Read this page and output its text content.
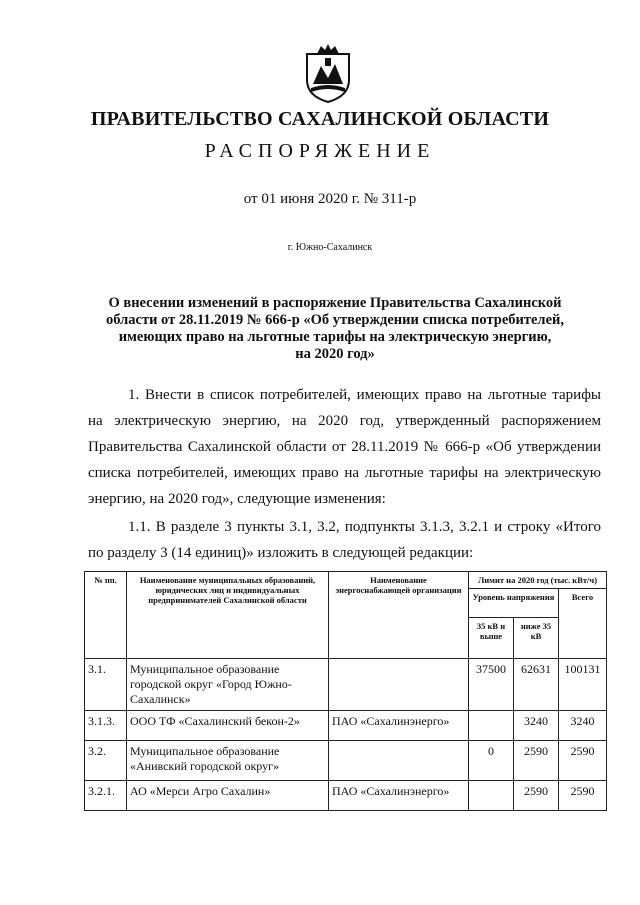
ПРАВИТЕЛЬСТВО САХАЛИНСКОЙ ОБЛАСТИ
РАСПОРЯЖЕНИЕ
от 01 июня 2020 г. № 311-р
г. Южно-Сахалинск
О внесении изменений в распоряжение Правительства Сахалинской
области от 28.11.2019 № 666-р «Об утверждении списка потребителей,
имеющих право на льготные тарифы на электрическую энергию,
на 2020 год»
1. Внести в список потребителей, имеющих право на льготные тарифы
на электрическую энергию, на 2020 год, утвержденный распоряжением
Правительства Сахалинской области от 28.11.2019 № 666-р «Об утверждении
списка потребителей, имеющих право на льготные тарифы на электрическую
энергию, на 2020 год», следующие изменения:
1.1. В разделе 3 пункты 3.1, 3.2, подпункты 3.1.3, 3.2.1 и строку «Итого
по разделу 3 (14 единиц)» изложить в следующей редакции:
№ пп.	Наименование муниципальных образований, юридических лиц и индивидуальных предпринимателей Сахалинской области	Наименование энергоснабжающей организации	Лимит на 2020 год (тыс. кВт/ч)		
			Уровень напряжения		Всего
			35 кВ и выше	ниже 35 кВ	
3.1.	Муниципальное образование городской округ «Город Южно-Сахалинск»		37500	62631	100131
3.1.3.	ООО ТФ «Сахалинский бекон-2»	ПАО «Сахалинэнерго»		3240	3240
3.2.	Муниципальное образование «Анивский городской округ»		0	2590	2590
3.2.1.	АО «Мерси Агро Сахалин»	ПАО «Сахалинэнерго»		2590	2590
